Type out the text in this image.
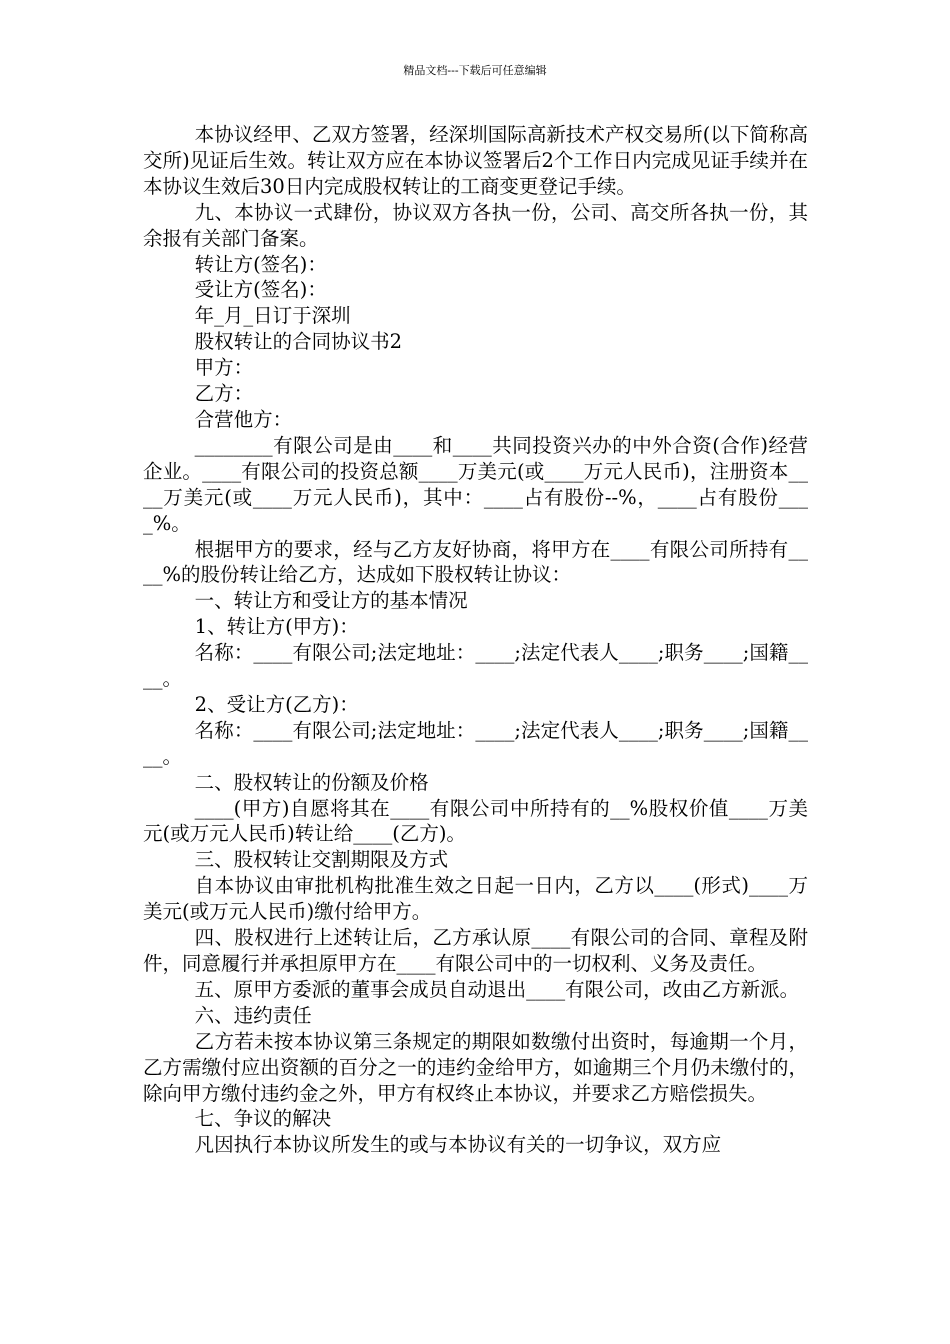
精品文档---下载后可任意编辑

本协议经甲、乙双方签署，经深圳国际高新技术产权交易所(以下简称高交所)见证后生效。转让双方应在本协议签署后2个工作日内完成见证手续并在本协议生效后30日内完成股权转让的工商变更登记手续。

九、本协议一式肆份，协议双方各执一份，公司、高交所各执一份，其余报有关部门备案。

转让方(签名)：

受让方(签名)：

年_月_日订于深圳

股权转让的合同协议书2

甲方：

乙方：

合营他方：

________有限公司是由____和____共同投资兴办的中外合资(合作)经营企业。____有限公司的投资总额____万美元(或____万元人民币)，注册资本____万美元(或____万元人民币)，其中：____占有股份--%，____占有股份____%。

根据甲方的要求，经与乙方友好协商，将甲方在____有限公司所持有____%的股份转让给乙方，达成如下股权转让协议：

一、转让方和受让方的基本情况

1、转让方(甲方)：

名称：____有限公司;法定地址：____;法定代表人____;职务____;国籍____。

2、受让方(乙方)：

名称：____有限公司;法定地址：____;法定代表人____;职务____;国籍____。

二、股权转让的份额及价格

____(甲方)自愿将其在____有限公司中所持有的__%股权价值____万美元(或万元人民币)转让给____(乙方)。

三、股权转让交割期限及方式

自本协议由审批机构批准生效之日起一日内，乙方以____(形式)____万美元(或万元人民币)缴付给甲方。

四、股权进行上述转让后，乙方承认原____有限公司的合同、章程及附件，同意履行并承担原甲方在____有限公司中的一切权利、义务及责任。

五、原甲方委派的董事会成员自动退出____有限公司，改由乙方新派。

六、违约责任

乙方若未按本协议第三条规定的期限如数缴付出资时，每逾期一个月，乙方需缴付应出资额的百分之一的违约金给甲方，如逾期三个月仍未缴付的，除向甲方缴付违约金之外，甲方有权终止本协议，并要求乙方赔偿损失。

七、争议的解决

凡因执行本协议所发生的或与本协议有关的一切争议，双方应
